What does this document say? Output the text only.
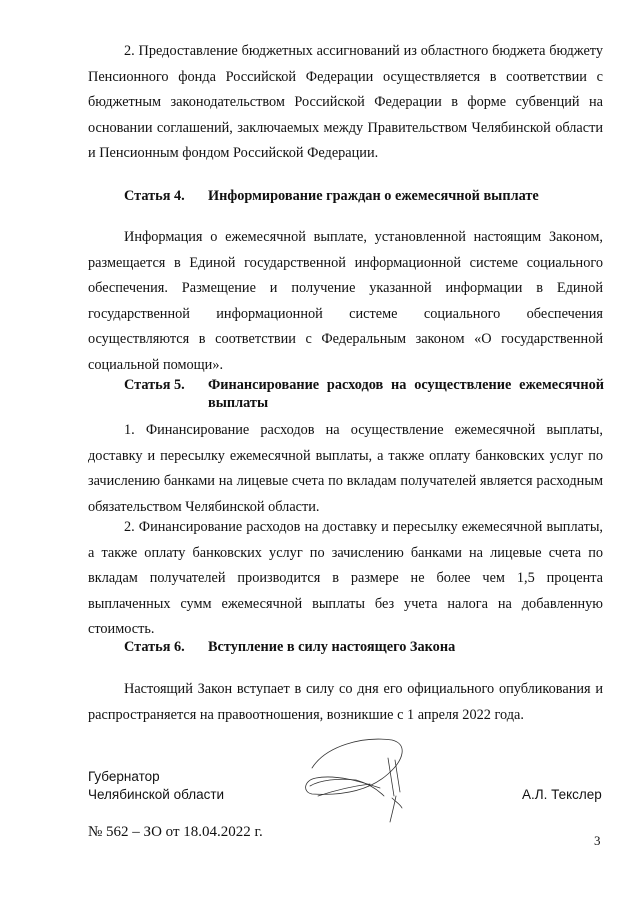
2. Предоставление бюджетных ассигнований из областного бюджета бюджету Пенсионного фонда Российской Федерации осуществляется в соответствии с бюджетным законодательством Российской Федерации в форме субвенций на основании соглашений, заключаемых между Правительством Челябинской области и Пенсионным фондом Российской Федерации.

Статья 4. Информирование граждан о ежемесячной выплате

Информация о ежемесячной выплате, установленной настоящим Законом, размещается в Единой государственной информационной системе социального обеспечения. Размещение и получение указанной информации в Единой государственной информационной системе социального обеспечения осуществляются в соответствии с Федеральным законом «О государственной социальной помощи».

Статья 5. Финансирование расходов на осуществление ежемесячной выплаты

1. Финансирование расходов на осуществление ежемесячной выплаты, доставку и пересылку ежемесячной выплаты, а также оплату банковских услуг по зачислению банками на лицевые счета по вкладам получателей является расходным обязательством Челябинской области.

2. Финансирование расходов на доставку и пересылку ежемесячной выплаты, а также оплату банковских услуг по зачислению банками на лицевые счета по вкладам получателей производится в размере не более чем 1,5 процента выплаченных сумм ежемесячной выплаты без учета налога на добавленную стоимость.

Статья 6. Вступление в силу настоящего Закона

Настоящий Закон вступает в силу со дня его официального опубликования и распространяется на правоотношения, возникшие с 1 апреля 2022 года.

Губернатор
Челябинской области	А.Л. Текслер
№ 562 – ЗО от 18.04.2022 г.
3
